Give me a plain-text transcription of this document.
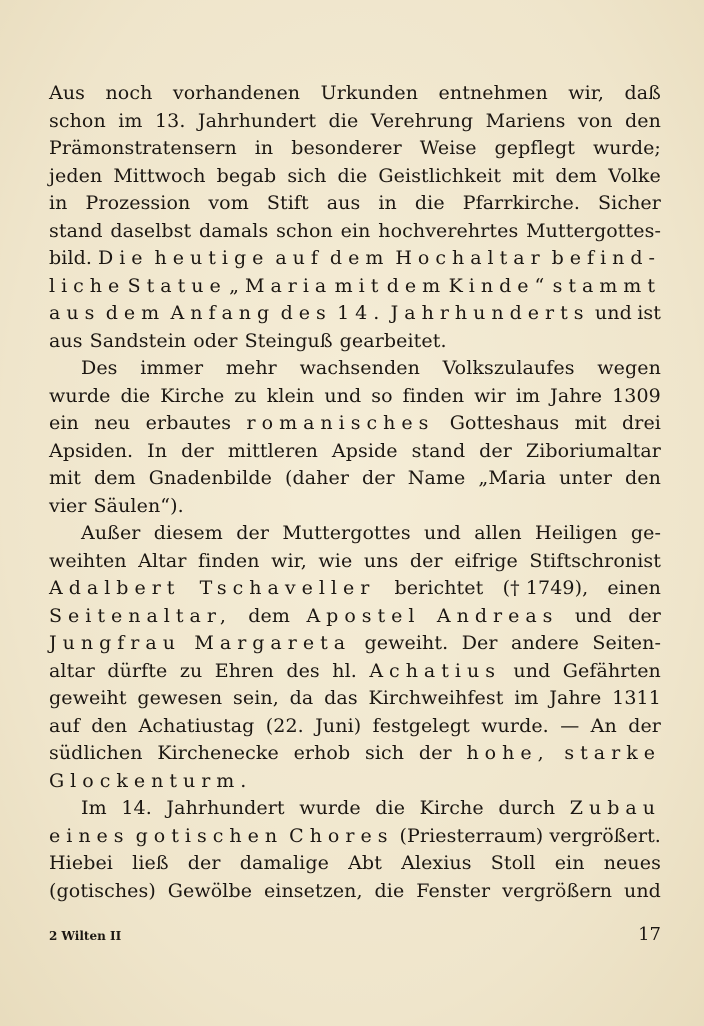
Aus noch vorhandenen Urkunden entnehmen wir, daß
schon im 13. Jahrhundert die Verehrung Mariens von den
Prämonstratensern in besonderer Weise gepflegt wurde;
jeden Mittwoch begab sich die Geistlichkeit mit dem Volke
in Prozession vom Stift aus in die Pfarrkirche. Sicher
stand daselbst damals schon ein hochverehrtes Muttergottes-
bild. Die heutige auf dem Hochaltar befind-
liche Statue „Maria mit dem Kinde“ stammt
aus dem Anfang des 14. Jahrhunderts und ist
aus Sandstein oder Steinguß gearbeitet.
Des immer mehr wachsenden Volkszulaufes wegen
wurde die Kirche zu klein und so finden wir im Jahre 1309
ein neu erbautes romanisches Gotteshaus mit drei
Apsiden. In der mittleren Apside stand der Ziboriumaltar
mit dem Gnadenbilde (daher der Name „Maria unter den
vier Säulen“).
Außer diesem der Muttergottes und allen Heiligen ge-
weihten Altar finden wir, wie uns der eifrige Stiftschronist
Adalbert Tschaveller berichtet († 1749), einen
Seitenaltar, dem Apostel Andreas und der
Jungfrau Margareta geweiht. Der andere Seiten-
altar dürfte zu Ehren des hl. Achatius und Gefährten
geweiht gewesen sein, da das Kirchweihfest im Jahre 1311
auf den Achatiustag (22. Juni) festgelegt wurde. — An der
südlichen Kirchenecke erhob sich der hohe, starke
Glockenturm.
Im 14. Jahrhundert wurde die Kirche durch Zubau
eines gotischen Chores (Priesterraum) vergrößert.
Hiebei ließ der damalige Abt Alexius Stoll ein neues
(gotisches) Gewölbe einsetzen, die Fenster vergrößern und
2 Wilten II	17
